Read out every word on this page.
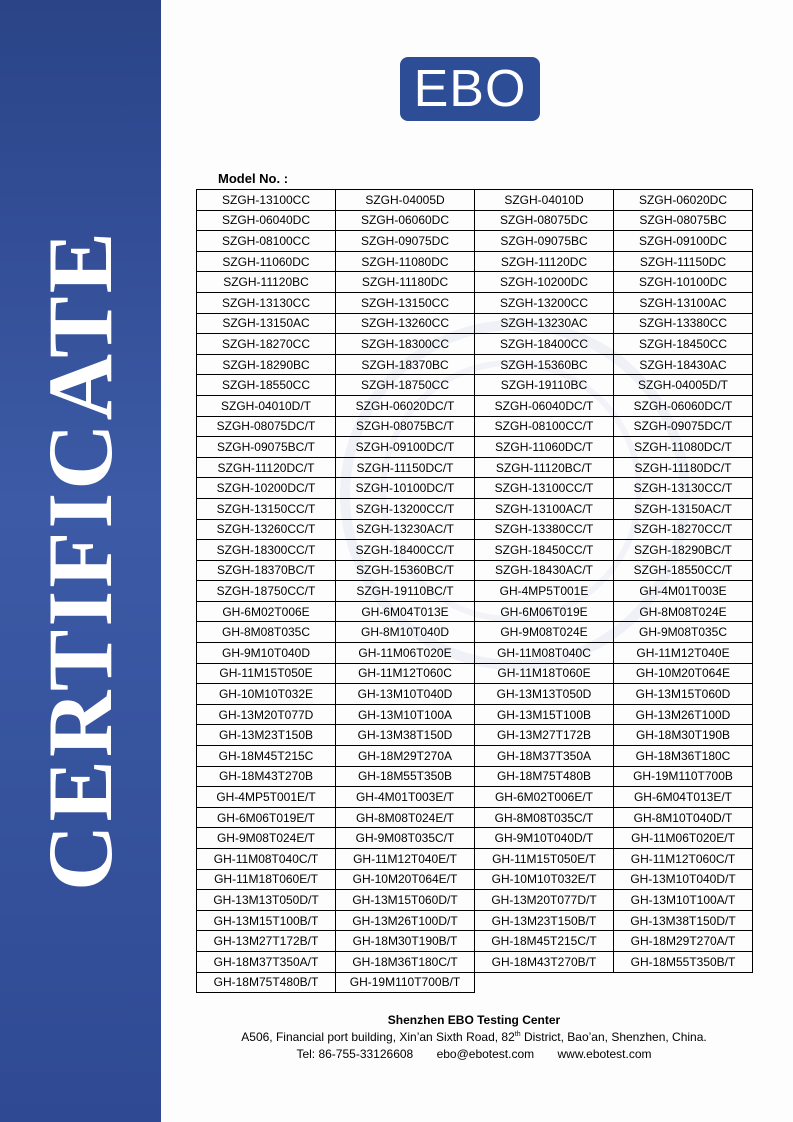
CERTIFICATE
EBO
Model No. :
SZGH-13100CC	SZGH-04005D	SZGH-04010D	SZGH-06020DC
SZGH-06040DC	SZGH-06060DC	SZGH-08075DC	SZGH-08075BC
SZGH-08100CC	SZGH-09075DC	SZGH-09075BC	SZGH-09100DC
SZGH-11060DC	SZGH-11080DC	SZGH-11120DC	SZGH-11150DC
SZGH-11120BC	SZGH-11180DC	SZGH-10200DC	SZGH-10100DC
SZGH-13130CC	SZGH-13150CC	SZGH-13200CC	SZGH-13100AC
SZGH-13150AC	SZGH-13260CC	SZGH-13230AC	SZGH-13380CC
SZGH-18270CC	SZGH-18300CC	SZGH-18400CC	SZGH-18450CC
SZGH-18290BC	SZGH-18370BC	SZGH-15360BC	SZGH-18430AC
SZGH-18550CC	SZGH-18750CC	SZGH-19110BC	SZGH-04005D/T
SZGH-04010D/T	SZGH-06020DC/T	SZGH-06040DC/T	SZGH-06060DC/T
SZGH-08075DC/T	SZGH-08075BC/T	SZGH-08100CC/T	SZGH-09075DC/T
SZGH-09075BC/T	SZGH-09100DC/T	SZGH-11060DC/T	SZGH-11080DC/T
SZGH-11120DC/T	SZGH-11150DC/T	SZGH-11120BC/T	SZGH-11180DC/T
SZGH-10200DC/T	SZGH-10100DC/T	SZGH-13100CC/T	SZGH-13130CC/T
SZGH-13150CC/T	SZGH-13200CC/T	SZGH-13100AC/T	SZGH-13150AC/T
SZGH-13260CC/T	SZGH-13230AC/T	SZGH-13380CC/T	SZGH-18270CC/T
SZGH-18300CC/T	SZGH-18400CC/T	SZGH-18450CC/T	SZGH-18290BC/T
SZGH-18370BC/T	SZGH-15360BC/T	SZGH-18430AC/T	SZGH-18550CC/T
SZGH-18750CC/T	SZGH-19110BC/T	GH-4MP5T001E	GH-4M01T003E
GH-6M02T006E	GH-6M04T013E	GH-6M06T019E	GH-8M08T024E
GH-8M08T035C	GH-8M10T040D	GH-9M08T024E	GH-9M08T035C
GH-9M10T040D	GH-11M06T020E	GH-11M08T040C	GH-11M12T040E
GH-11M15T050E	GH-11M12T060C	GH-11M18T060E	GH-10M20T064E
GH-10M10T032E	GH-13M10T040D	GH-13M13T050D	GH-13M15T060D
GH-13M20T077D	GH-13M10T100A	GH-13M15T100B	GH-13M26T100D
GH-13M23T150B	GH-13M38T150D	GH-13M27T172B	GH-18M30T190B
GH-18M45T215C	GH-18M29T270A	GH-18M37T350A	GH-18M36T180C
GH-18M43T270B	GH-18M55T350B	GH-18M75T480B	GH-19M110T700B
GH-4MP5T001E/T	GH-4M01T003E/T	GH-6M02T006E/T	GH-6M04T013E/T
GH-6M06T019E/T	GH-8M08T024E/T	GH-8M08T035C/T	GH-8M10T040D/T
GH-9M08T024E/T	GH-9M08T035C/T	GH-9M10T040D/T	GH-11M06T020E/T
GH-11M08T040C/T	GH-11M12T040E/T	GH-11M15T050E/T	GH-11M12T060C/T
GH-11M18T060E/T	GH-10M20T064E/T	GH-10M10T032E/T	GH-13M10T040D/T
GH-13M13T050D/T	GH-13M15T060D/T	GH-13M20T077D/T	GH-13M10T100A/T
GH-13M15T100B/T	GH-13M26T100D/T	GH-13M23T150B/T	GH-13M38T150D/T
GH-13M27T172B/T	GH-18M30T190B/T	GH-18M45T215C/T	GH-18M29T270A/T
GH-18M37T350A/T	GH-18M36T180C/T	GH-18M43T270B/T	GH-18M55T350B/T
GH-18M75T480B/T	GH-19M110T700B/T		
Shenzhen EBO Testing Center
A506, Financial port building, Xin’an Sixth Road, 82th District, Bao’an, Shenzhen, China.
Tel: 86-755-33126608 ebo@ebotest.com www.ebotest.com
